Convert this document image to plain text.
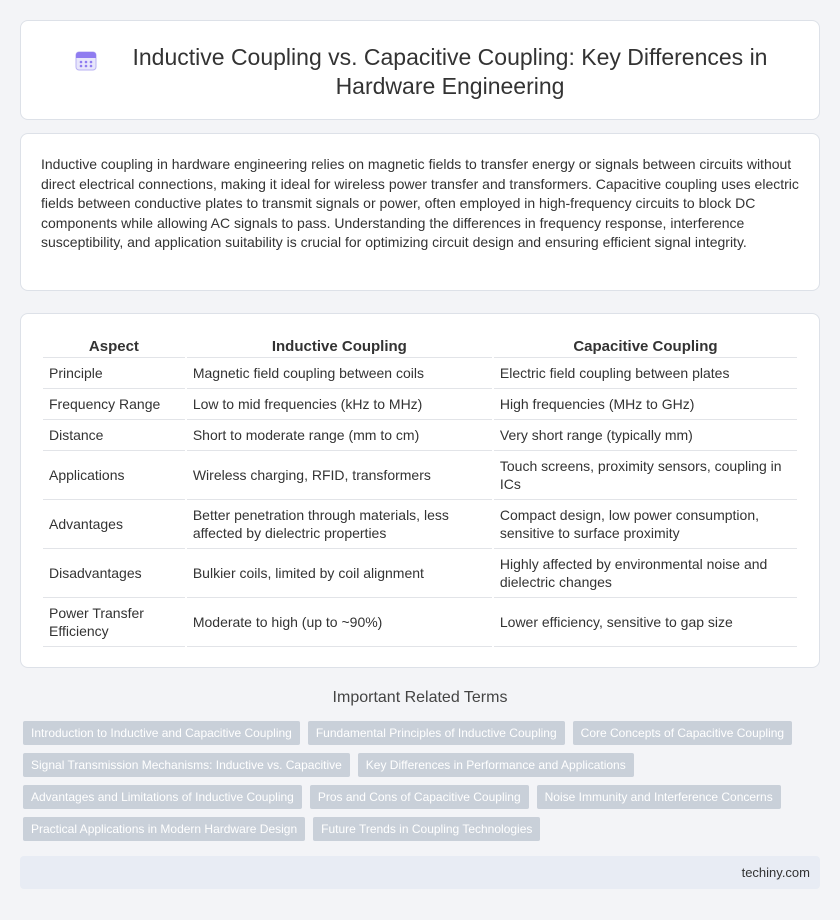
Inductive Coupling vs. Capacitive Coupling: Key Differences in Hardware Engineering

Inductive coupling in hardware engineering relies on magnetic fields to transfer energy or signals between circuits without direct electrical connections, making it ideal for wireless power transfer and transformers. Capacitive coupling uses electric fields between conductive plates to transmit signals or power, often employed in high-frequency circuits to block DC components while allowing AC signals to pass. Understanding the differences in frequency response, interference susceptibility, and application suitability is crucial for optimizing circuit design and ensuring efficient signal integrity.

Aspect	Inductive Coupling	Capacitive Coupling
Principle	Magnetic field coupling between coils	Electric field coupling between plates
Frequency Range	Low to mid frequencies (kHz to MHz)	High frequencies (MHz to GHz)
Distance	Short to moderate range (mm to cm)	Very short range (typically mm)
Applications	Wireless charging, RFID, transformers	Touch screens, proximity sensors, coupling in ICs
Advantages	Better penetration through materials, less affected by dielectric properties	Compact design, low power consumption, sensitive to surface proximity
Disadvantages	Bulkier coils, limited by coil alignment	Highly affected by environmental noise and dielectric changes
Power Transfer Efficiency	Moderate to high (up to ~90%)	Lower efficiency, sensitive to gap size
Important Related Terms
Introduction to Inductive and Capacitive Coupling	Fundamental Principles of Inductive Coupling	Core Concepts of Capacitive Coupling
Signal Transmission Mechanisms: Inductive vs. Capacitive	Key Differences in Performance and Applications
Advantages and Limitations of Inductive Coupling	Pros and Cons of Capacitive Coupling	Noise Immunity and Interference Concerns
Practical Applications in Modern Hardware Design	Future Trends in Coupling Technologies
techiny.com
